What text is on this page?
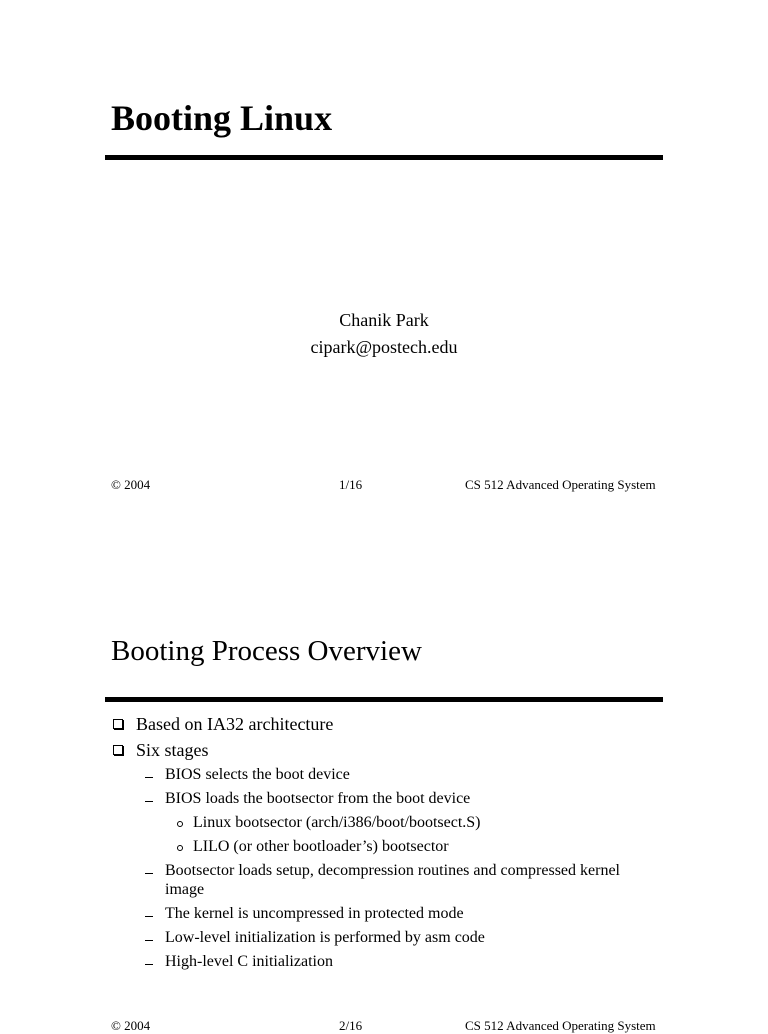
Booting Linux
Chanik Park
cipark@postech.edu
© 2004	1/16	CS 512 Advanced Operating System
Booting Process Overview
Based on IA32 architecture
Six stages
BIOS selects the boot device
BIOS loads the bootsector from the boot device
Linux bootsector (arch/i386/boot/bootsect.S)
LILO (or other bootloader’s) bootsector
Bootsector loads setup, decompression routines and compressed kernel image
The kernel is uncompressed in protected mode
Low-level initialization is performed by asm code
High-level C initialization
© 2004	2/16	CS 512 Advanced Operating System
